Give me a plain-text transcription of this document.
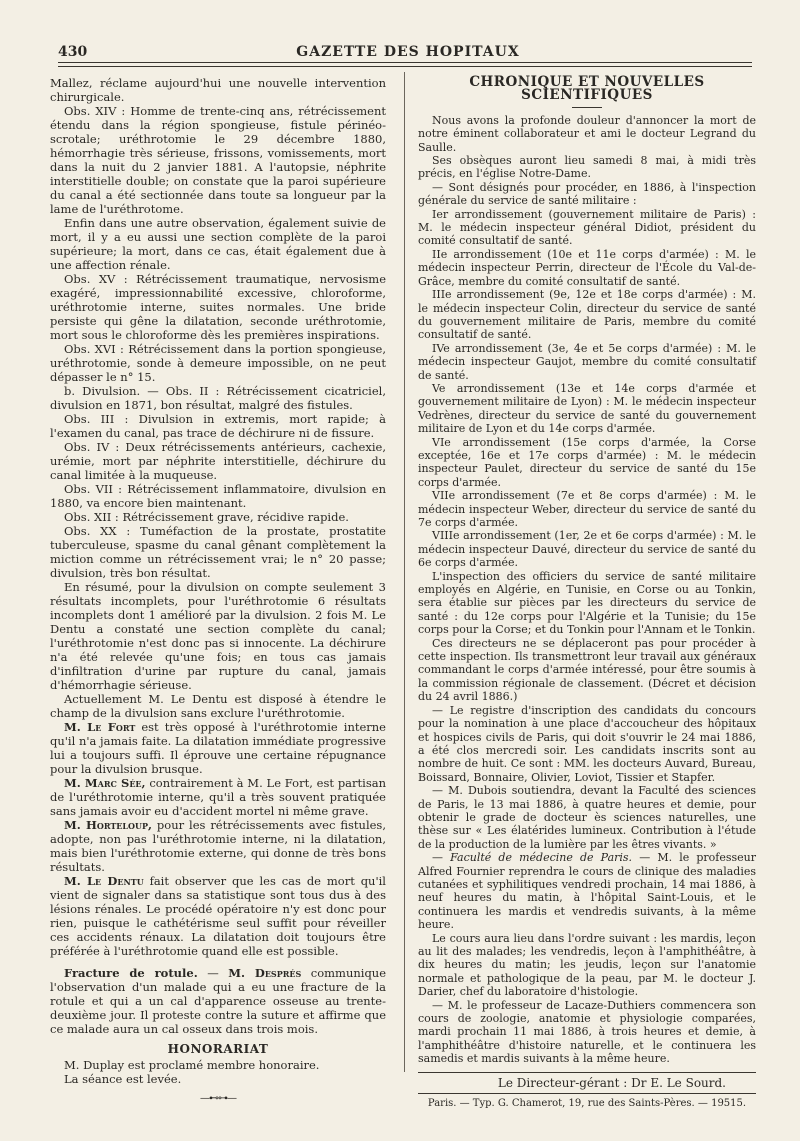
430	GAZETTE DES HOPITAUX

Mallez, réclame aujourd'hui une nouvelle intervention chirurgicale.

Obs. XIV : Homme de trente-cinq ans, rétrécissement étendu dans la région spongieuse, fistule périnéo-scrotale; uréthrotomie le 29 décembre 1880, hémorrhagie très sérieuse, frissons, vomissements, mort dans la nuit du 2 janvier 1881. A l'autopsie, néphrite interstitielle double; on constate que la paroi supérieure du canal a été sectionnée dans toute sa longueur par la lame de l'uréthrotome.

Enfin dans une autre observation, également suivie de mort, il y a eu aussi une section complète de la paroi supérieure; la mort, dans ce cas, était également due à une affection rénale.

Obs. XV : Rétrécissement traumatique, nervosisme exagéré, impressionnabilité excessive, chloroforme, uréthrotomie interne, suites normales. Une bride persiste qui gêne la dilatation, seconde uréthrotomie, mort sous le chloroforme dès les premières inspirations.

Obs. XVI : Rétrécissement dans la portion spongieuse, uréthrotomie, sonde à demeure impossible, on ne peut dépasser le n° 15.

b. Divulsion. — Obs. II : Rétrécissement cicatriciel, divulsion en 1871, bon résultat, malgré des fistules.

Obs. III : Divulsion in extremis, mort rapide; à l'examen du canal, pas trace de déchirure ni de fissure.

Obs. IV : Deux rétrécissements antérieurs, cachexie, urémie, mort par néphrite interstitielle, déchirure du canal limitée à la muqueuse.

Obs. VII : Rétrécissement inflammatoire, divulsion en 1880, va encore bien maintenant.

Obs. XII : Rétrécissement grave, récidive rapide.

Obs. XX : Tuméfaction de la prostate, prostatite tuberculeuse, spasme du canal gênant complètement la miction comme un rétrécissement vrai; le n° 20 passe; divulsion, très bon résultat.

En résumé, pour la divulsion on compte seulement 3 résultats incomplets, pour l'uréthrotomie 6 résultats incomplets dont 1 amélioré par la divulsion. 2 fois M. Le Dentu a constaté une section complète du canal; l'uréthrotomie n'est donc pas si innocente. La déchirure n'a été relevée qu'une fois; en tous cas jamais d'infiltration d'urine par rupture du canal, jamais d'hémorrhagie sérieuse.

Actuellement M. Le Dentu est disposé à étendre le champ de la divulsion sans exclure l'uréthrotomie.

M. Le Fort est très opposé à l'uréthrotomie interne qu'il n'a jamais faite. La dilatation immédiate progressive lui a toujours suffi. Il éprouve une certaine répugnance pour la divulsion brusque.

M. Marc Sée, contrairement à M. Le Fort, est partisan de l'uréthrotomie interne, qu'il a très souvent pratiquée sans jamais avoir eu d'accident mortel ni même grave.

M. Horteloup, pour les rétrécissements avec fistules, adopte, non pas l'uréthrotomie interne, ni la dilatation, mais bien l'uréthrotomie externe, qui donne de très bons résultats.

M. Le Dentu fait observer que les cas de mort qu'il vient de signaler dans sa statistique sont tous dus à des lésions rénales. Le procédé opératoire n'y est donc pour rien, puisque le cathétérisme seul suffit pour réveiller ces accidents rénaux. La dilatation doit toujours être préférée à l'uréthrotomie quand elle est possible.

Fracture de rotule. — M. Després communique l'observation d'un malade qui a eu une fracture de la rotule et qui a un cal d'apparence osseuse au trente-deuxième jour. Il proteste contre la suture et affirme que ce malade aura un cal osseux dans trois mois.

HONORARIAT

M. Duplay est proclamé membre honoraire.

La séance est levée.

—⊷⊶—
CHRONIQUE ET NOUVELLES SCIENTIFIQUES

Nous avons la profonde douleur d'annoncer la mort de notre éminent collaborateur et ami le docteur Legrand du Saulle.

Ses obsèques auront lieu samedi 8 mai, à midi très précis, en l'église Notre-Dame.

— Sont désignés pour procéder, en 1886, à l'inspection générale du service de santé militaire :

Ier arrondissement (gouvernement militaire de Paris) : M. le médecin inspecteur général Didiot, président du comité consultatif de santé.

IIe arrondissement (10e et 11e corps d'armée) : M. le médecin inspecteur Perrin, directeur de l'École du Val-de-Grâce, membre du comité consultatif de santé.

IIIe arrondissement (9e, 12e et 18e corps d'armée) : M. le médecin inspecteur Colin, directeur du service de santé du gouvernement militaire de Paris, membre du comité consultatif de santé.

IVe arrondissement (3e, 4e et 5e corps d'armée) : M. le médecin inspecteur Gaujot, membre du comité consultatif de santé.

Ve arrondissement (13e et 14e corps d'armée et gouvernement militaire de Lyon) : M. le médecin inspecteur Vedrènes, directeur du service de santé du gouvernement militaire de Lyon et du 14e corps d'armée.

VIe arrondissement (15e corps d'armée, la Corse exceptée, 16e et 17e corps d'armée) : M. le médecin inspecteur Paulet, directeur du service de santé du 15e corps d'armée.

VIIe arrondissement (7e et 8e corps d'armée) : M. le médecin inspecteur Weber, directeur du service de santé du 7e corps d'armée.

VIIIe arrondissement (1er, 2e et 6e corps d'armée) : M. le médecin inspecteur Dauvé, directeur du service de santé du 6e corps d'armée.

L'inspection des officiers du service de santé militaire employés en Algérie, en Tunisie, en Corse ou au Tonkin, sera établie sur pièces par les directeurs du service de santé : du 12e corps pour l'Algérie et la Tunisie; du 15e corps pour la Corse; et du Tonkin pour l'Annam et le Tonkin.

Ces directeurs ne se déplaceront pas pour procéder à cette inspection. Ils transmettront leur travail aux généraux commandant le corps d'armée intéressé, pour être soumis à la commission régionale de classement. (Décret et décision du 24 avril 1886.)

— Le registre d'inscription des candidats du concours pour la nomination à une place d'accoucheur des hôpitaux et hospices civils de Paris, qui doit s'ouvrir le 24 mai 1886, a été clos mercredi soir. Les candidats inscrits sont au nombre de huit. Ce sont : MM. les docteurs Auvard, Bureau, Boissard, Bonnaire, Olivier, Loviot, Tissier et Stapfer.

— M. Dubois soutiendra, devant la Faculté des sciences de Paris, le 13 mai 1886, à quatre heures et demie, pour obtenir le grade de docteur ès sciences naturelles, une thèse sur « Les élatérides lumineux. Contribution à l'étude de la production de la lumière par les êtres vivants. »

— Faculté de médecine de Paris. — M. le professeur Alfred Fournier reprendra le cours de clinique des maladies cutanées et syphilitiques vendredi prochain, 14 mai 1886, à neuf heures du matin, à l'hôpital Saint-Louis, et le continuera les mardis et vendredis suivants, à la même heure.

Le cours aura lieu dans l'ordre suivant : les mardis, leçon au lit des malades; les vendredis, leçon à l'amphithéâtre, à dix heures du matin; les jeudis, leçon sur l'anatomie normale et pathologique de la peau, par M. le docteur J. Darier, chef du laboratoire d'histologie.

— M. le professeur de Lacaze-Duthiers commencera son cours de zoologie, anatomie et physiologie comparées, mardi prochain 11 mai 1886, à trois heures et demie, à l'amphithéâtre d'histoire naturelle, et le continuera les samedis et mardis suivants à la même heure.

Le Directeur-gérant : Dr E. Le Sourd.
Paris. — Typ. G. Chamerot, 19, rue des Saints-Pères. — 19515.
